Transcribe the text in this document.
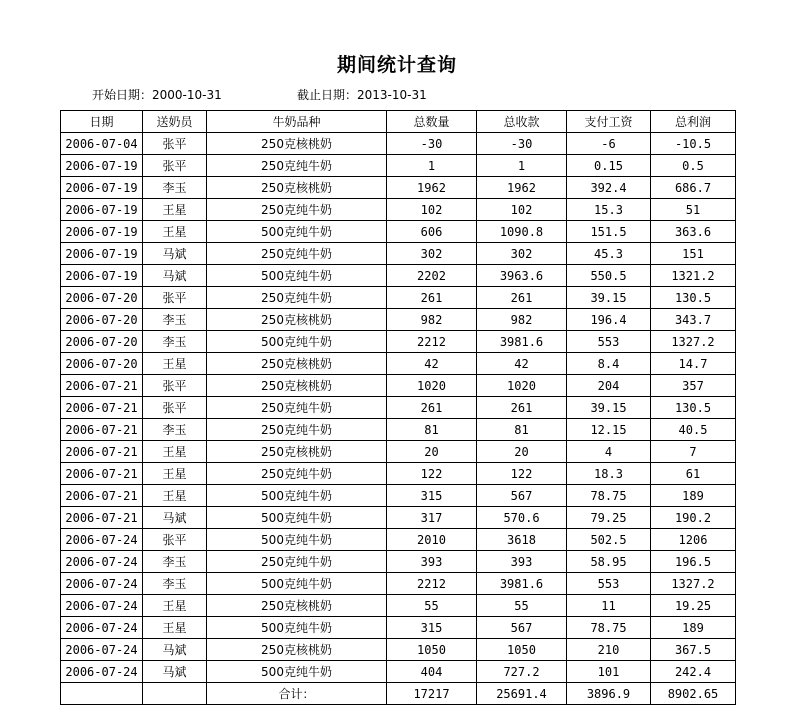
期间统计查询
开始日期：2000-10-31	截止日期：2013-10-31
日期	送奶员	牛奶品种	总数量	总收款	支付工资	总利润
2006-07-04	张平	250克核桃奶	-30	-30	-6	-10.5
2006-07-19	张平	250克纯牛奶	1	1	0.15	0.5
2006-07-19	李玉	250克核桃奶	1962	1962	392.4	686.7
2006-07-19	王星	250克纯牛奶	102	102	15.3	51
2006-07-19	王星	500克纯牛奶	606	1090.8	151.5	363.6
2006-07-19	马斌	250克纯牛奶	302	302	45.3	151
2006-07-19	马斌	500克纯牛奶	2202	3963.6	550.5	1321.2
2006-07-20	张平	250克纯牛奶	261	261	39.15	130.5
2006-07-20	李玉	250克核桃奶	982	982	196.4	343.7
2006-07-20	李玉	500克纯牛奶	2212	3981.6	553	1327.2
2006-07-20	王星	250克核桃奶	42	42	8.4	14.7
2006-07-21	张平	250克核桃奶	1020	1020	204	357
2006-07-21	张平	250克纯牛奶	261	261	39.15	130.5
2006-07-21	李玉	250克纯牛奶	81	81	12.15	40.5
2006-07-21	王星	250克核桃奶	20	20	4	7
2006-07-21	王星	250克纯牛奶	122	122	18.3	61
2006-07-21	王星	500克纯牛奶	315	567	78.75	189
2006-07-21	马斌	500克纯牛奶	317	570.6	79.25	190.2
2006-07-24	张平	500克纯牛奶	2010	3618	502.5	1206
2006-07-24	李玉	250克纯牛奶	393	393	58.95	196.5
2006-07-24	李玉	500克纯牛奶	2212	3981.6	553	1327.2
2006-07-24	王星	250克核桃奶	55	55	11	19.25
2006-07-24	王星	500克纯牛奶	315	567	78.75	189
2006-07-24	马斌	250克核桃奶	1050	1050	210	367.5
2006-07-24	马斌	500克纯牛奶	404	727.2	101	242.4
		合计：	17217	25691.4	3896.9	8902.65
